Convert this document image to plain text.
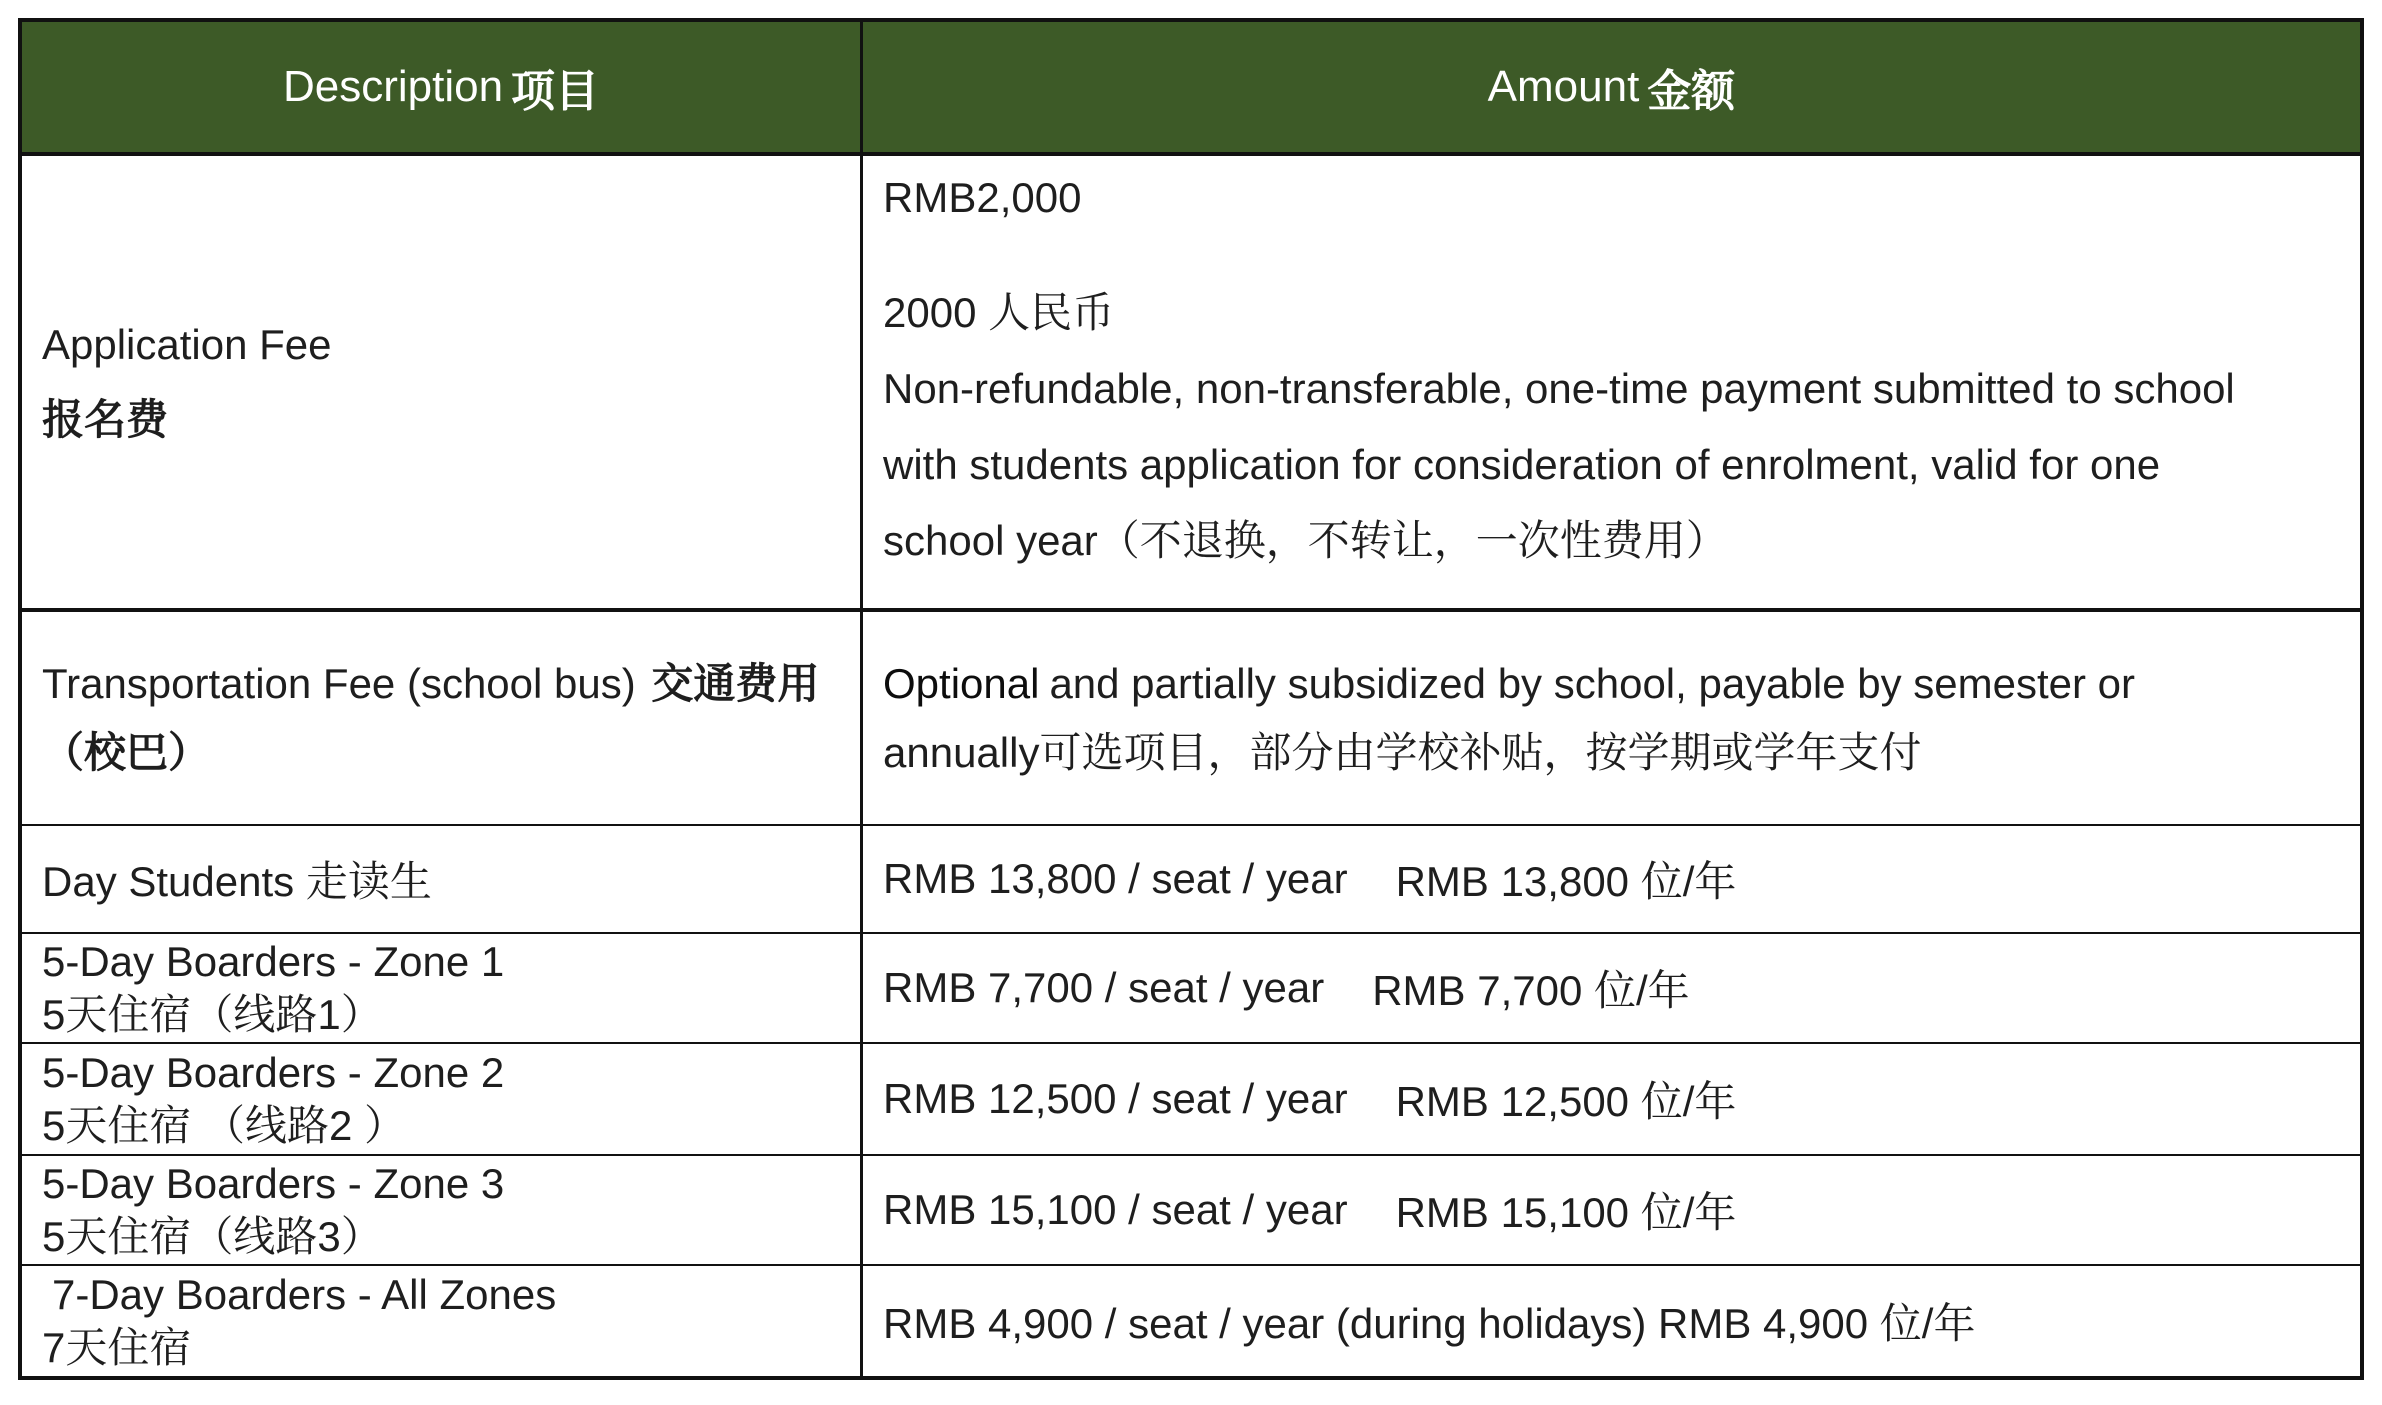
Description 项目	Amount 金额
Application Fee
报名费
RMB2,000
2000 人民币
Non-refundable, non-transferable, one-time payment submitted to school
with students application for consideration of enrolment, valid for one
school year（不退换，不转让，一次性费用）
Transportation Fee (school bus) 交通费用
（校巴）
Optional and partially subsidized by school, payable by semester or
annually可选项目，部分由学校补贴，按学期或学年支付
Day Students 走读生	RMB 13,800 / seat / year RMB 13,800 位/年
5-Day Boarders - Zone 1
5天住宿（线路1）
RMB 7,700 / seat / year RMB 7,700 位/年
5-Day Boarders - Zone 2
5天住宿 （线路2 ）
RMB 12,500 / seat / year RMB 12,500 位/年
5-Day Boarders - Zone 3
5天住宿（线路3）
RMB 15,100 / seat / year RMB 15,100 位/年
7-Day Boarders - All Zones
7天住宿
RMB 4,900 / seat / year (during holidays) RMB 4,900 位/年
